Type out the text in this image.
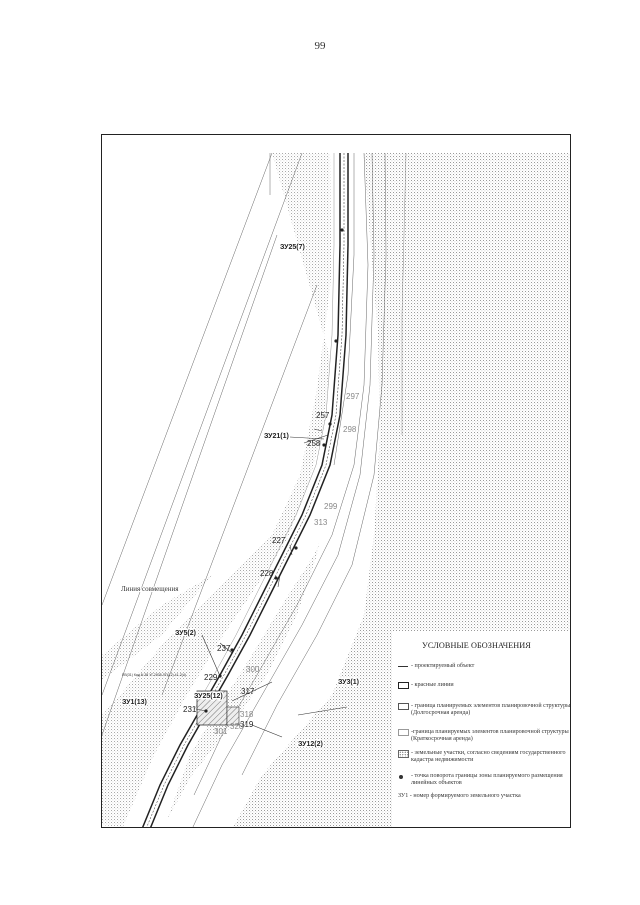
99
257
258
297
298
299
313
227
228
237
229
300
317
231
318
319
320
301
ЗУ25(7)
ЗУ21(1)
ЗУ5(2)
ЗУ25(12)
ЗУ3(1)
ЗУ1(13)
ЗУ12(2)
Линия совмещения
ЕВ(31) Кад.N 38 УГ.2935 ЛП(12) 41-2(4)
УСЛОВНЫЕ ОБОЗНАЧЕНИЯ
- проектируемый объект
- красные линии
- граница планируемых элементов планировочной структуры (Долгосрочная аренда)
-граница планируемых элементов планировочной структуры (Краткосрочная аренда)
- земельные участки, согласно сведениям государственного кадастра недвижимости
- точка поворота границы зоны планируемого размещения линейных объектов
ЗУ1 - номер формируемого земельного участка
